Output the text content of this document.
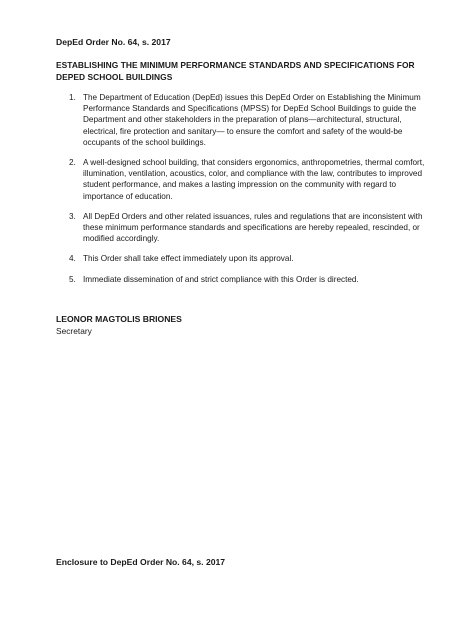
DepEd Order No. 64, s. 2017
ESTABLISHING THE MINIMUM PERFORMANCE STANDARDS AND SPECIFICATIONS FOR DEPED SCHOOL BUILDINGS
1. The Department of Education (DepEd) issues this DepEd Order on Establishing the Minimum Performance Standards and Specifications (MPSS) for DepEd School Buildings to guide the Department and other stakeholders in the preparation of plans—architectural, structural, electrical, fire protection and sanitary— to ensure the comfort and safety of the would-be occupants of the school buildings.
2. A well-designed school building, that considers ergonomics, anthropometries, thermal comfort, illumination, ventilation, acoustics, color, and compliance with the law, contributes to improved student performance, and makes a lasting impression on the community with regard to importance of education.
3. All DepEd Orders and other related issuances, rules and regulations that are inconsistent with these minimum performance standards and specifications are hereby repealed, rescinded, or modified accordingly.
4. This Order shall take effect immediately upon its approval.
5. Immediate dissemination of and strict compliance with this Order is directed.
LEONOR MAGTOLIS BRIONES
Secretary
Enclosure to DepEd Order No. 64, s. 2017
